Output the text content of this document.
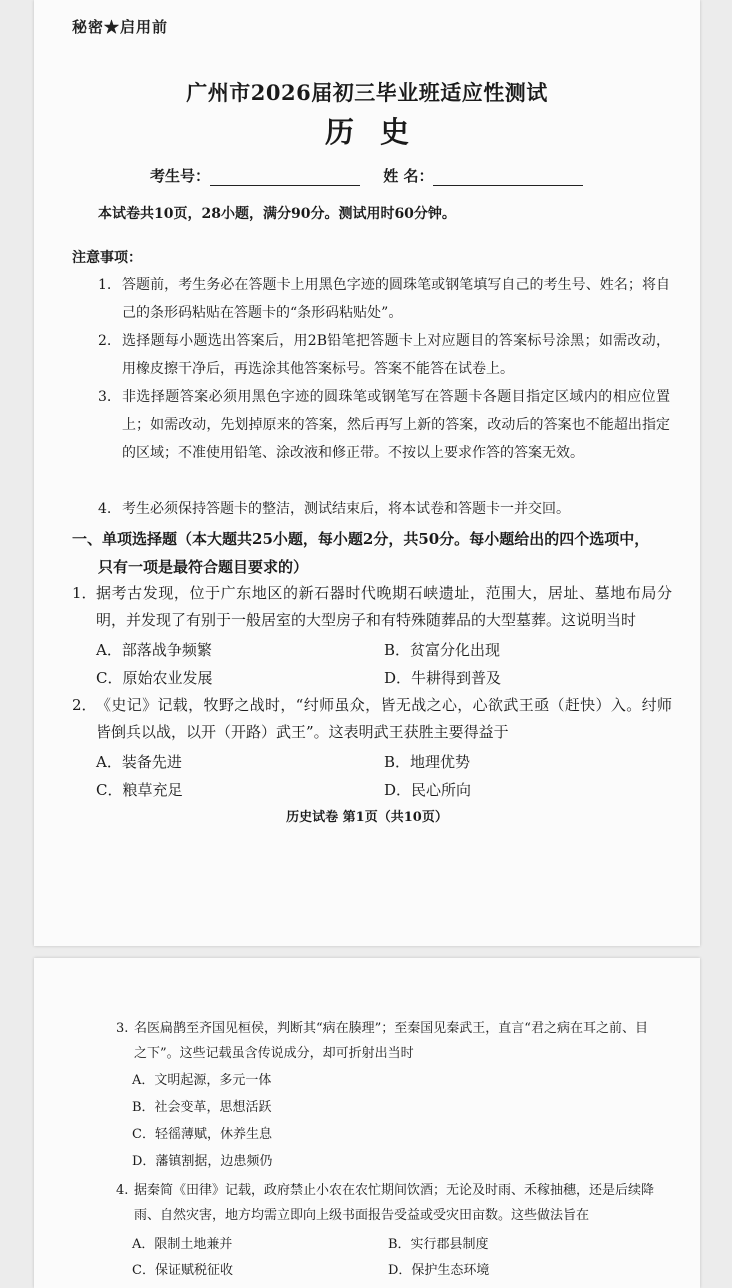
秘密★启用前
广州市2026届初三毕业班适应性测试
历史
考生号：	姓 名：
本试卷共10页，28小题，满分90分。测试用时60分钟。
注意事项：
1. 答题前，考生务必在答题卡上用黑色字迹的圆珠笔或钢笔填写自己的考生号、姓名；将自己的条形码粘贴在答题卡的“条形码粘贴处”。
2. 选择题每小题选出答案后，用2B铅笔把答题卡上对应题目的答案标号涂黑；如需改动，用橡皮擦干净后，再选涂其他答案标号。答案不能答在试卷上。
3. 非选择题答案必须用黑色字迹的圆珠笔或钢笔写在答题卡各题目指定区域内的相应位置上；如需改动，先划掉原来的答案，然后再写上新的答案，改动后的答案也不能超出指定的区域；不准使用铅笔、涂改液和修正带。不按以上要求作答的答案无效。
4. 考生必须保持答题卡的整洁，测试结束后，将本试卷和答题卡一并交回。
一、单项选择题（本大题共25小题，每小题2分，共50分。每小题给出的四个选项中，
只有一项是最符合题目要求的）
1． 据考古发现，位于广东地区的新石器时代晚期石峡遗址，范围大，居址、墓地布局分明，并发现了有别于一般居室的大型房子和有特殊随葬品的大型墓葬。这说明当时
A．部落战争频繁	B．贫富分化出现
C．原始农业发展	D．牛耕得到普及
2． 《史记》记载，牧野之战时，“纣师虽众，皆无战之心，心欲武王亟（赶快）入。纣师皆倒兵以战，以开（开路）武王”。这表明武王获胜主要得益于
A．装备先进	B．地理优势
C．粮草充足	D．民心所向
历史试卷 第1页（共10页）
3. 名医扁鹊至齐国见桓侯，判断其“病在腠理”；至秦国见秦武王，直言“君之病在耳之前、目之下”。这些记载虽含传说成分，却可折射出当时
A．文明起源，多元一体
B．社会变革，思想活跃
C．轻徭薄赋，休养生息
D．藩镇割据，边患频仍
4. 据秦简《田律》记载，政府禁止小农在农忙期间饮酒；无论及时雨、禾稼抽穗，还是后续降雨、自然灾害，地方均需立即向上级书面报告受益或受灾田亩数。这些做法旨在
A．限制土地兼并	B．实行郡县制度
C．保证赋税征收	D．保护生态环境
